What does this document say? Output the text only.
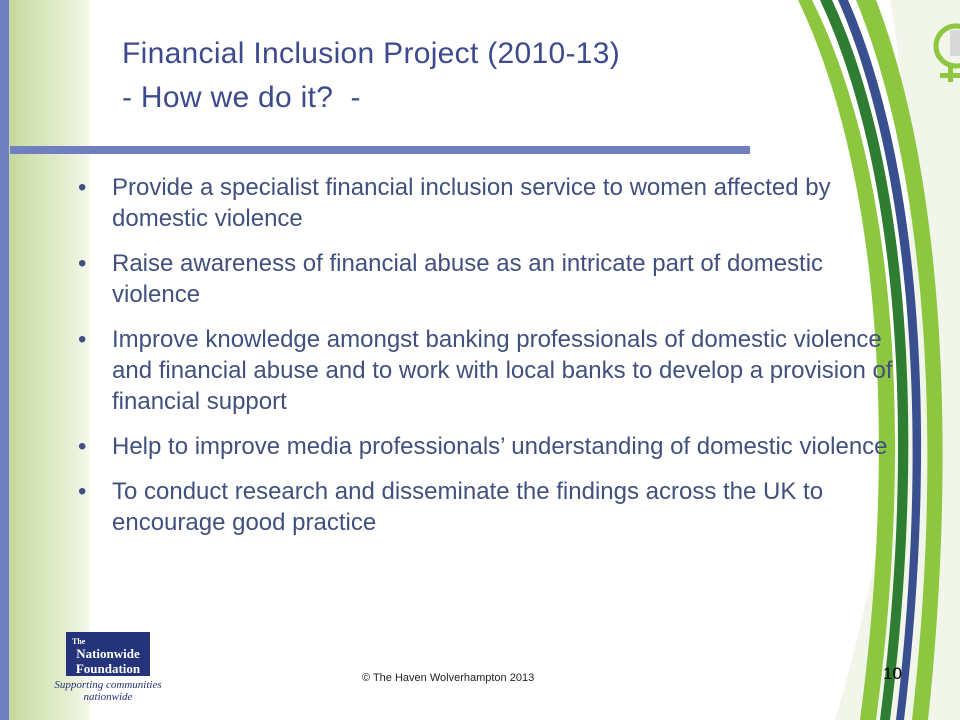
Financial Inclusion Project (2010-13)
- How we do it?  -
• Provide a specialist financial inclusion service to women affected by domestic violence
• Raise awareness of financial abuse as an intricate part of domestic violence
• Improve knowledge amongst banking professionals of domestic violence and financial abuse and to work with local banks to develop a provision of financial support
• Help to improve media professionals’ understanding of domestic violence
• To conduct research and disseminate the findings across the UK to encourage good practice
The
Nationwide
Foundation
Supporting communities
nationwide
© The Haven Wolverhampton 2013	10
